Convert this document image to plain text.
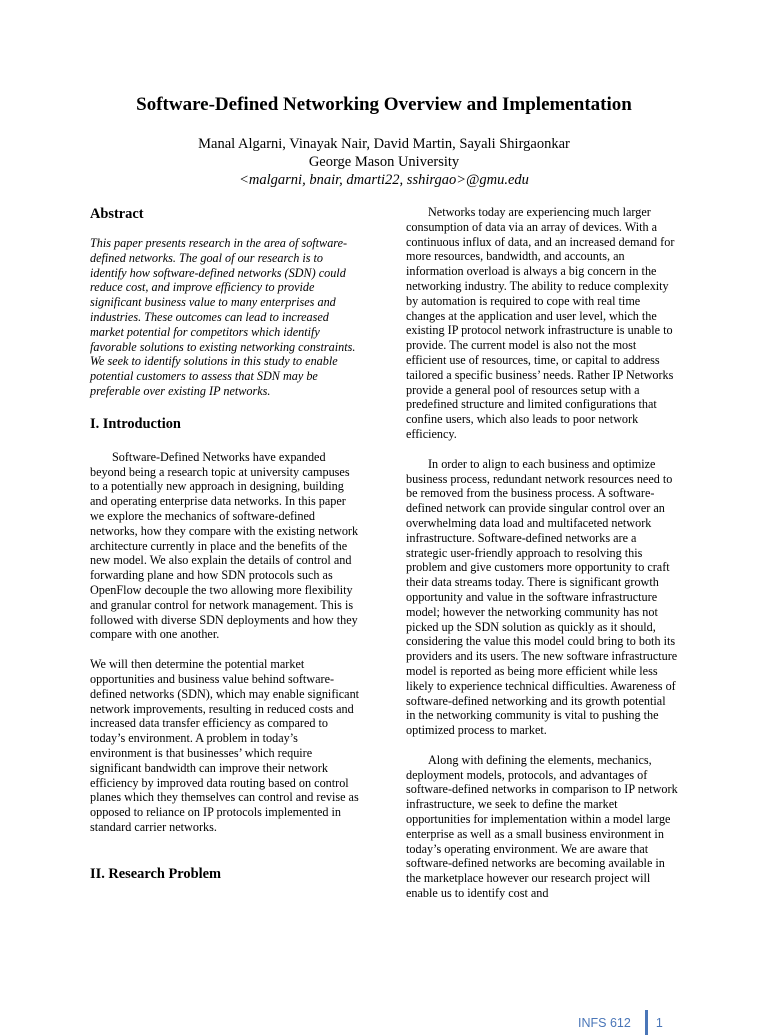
Software-Defined Networking Overview and Implementation
Manal Algarni, Vinayak Nair, David Martin, Sayali Shirgaonkar
George Mason University
<malgarni, bnair, dmarti22, sshirgao>@gmu.edu
Abstract

This paper presents research in the area of software-defined networks. The goal of our research is to identify how software-defined networks (SDN) could reduce cost, and improve efficiency to provide significant business value to many enterprises and industries. These outcomes can lead to increased market potential for competitors which identify favorable solutions to existing networking constraints. We seek to identify solutions in this study to enable potential customers to assess that SDN may be preferable over existing IP networks.

I. Introduction

Software-Defined Networks have expanded beyond being a research topic at university campuses to a potentially new approach in designing, building and operating enterprise data networks. In this paper we explore the mechanics of software-defined networks, how they compare with the existing network architecture currently in place and the benefits of the new model. We also explain the details of control and forwarding plane and how SDN protocols such as OpenFlow decouple the two allowing more flexibility and granular control for network management. This is followed with diverse SDN deployments and how they compare with one another.

We will then determine the potential market opportunities and business value behind software-defined networks (SDN), which may enable significant network improvements, resulting in reduced costs and increased data transfer efficiency as compared to today’s environment. A problem in today’s environment is that businesses’ which require significant bandwidth can improve their network efficiency by improved data routing based on control planes which they themselves can control and revise as opposed to reliance on IP protocols implemented in standard carrier networks.

II. Research Problem

Networks today are experiencing much larger consumption of data via an array of devices. With a continuous influx of data, and an increased demand for more resources, bandwidth, and accounts, an information overload is always a big concern in the networking industry. The ability to reduce complexity by automation is required to cope with real time changes at the application and user level, which the existing IP protocol network infrastructure is unable to provide. The current model is also not the most efficient use of resources, time, or capital to address tailored a specific business’ needs. Rather IP Networks provide a general pool of resources setup with a predefined structure and limited configurations that confine users, which also leads to poor network efficiency.

In order to align to each business and optimize business process, redundant network resources need to be removed from the business process. A software-defined network can provide singular control over an overwhelming data load and multifaceted network infrastructure. Software-defined networks are a strategic user-friendly approach to resolving this problem and give customers more opportunity to craft their data streams today. There is significant growth opportunity and value in the software infrastructure model; however the networking community has not picked up the SDN solution as quickly as it should, considering the value this model could bring to both its providers and its users. The new software infrastructure model is reported as being more efficient while less likely to experience technical difficulties. Awareness of software-defined networking and its growth potential in the networking community is vital to pushing the optimized process to market.

Along with defining the elements, mechanics, deployment models, protocols, and advantages of software-defined networks in comparison to IP network infrastructure, we seek to define the market opportunities for implementation within a model large enterprise as well as a small business environment in today’s operating environment. We are aware that software-defined networks are becoming available in the marketplace however our research project will enable us to identify cost and

INFS 612 1
